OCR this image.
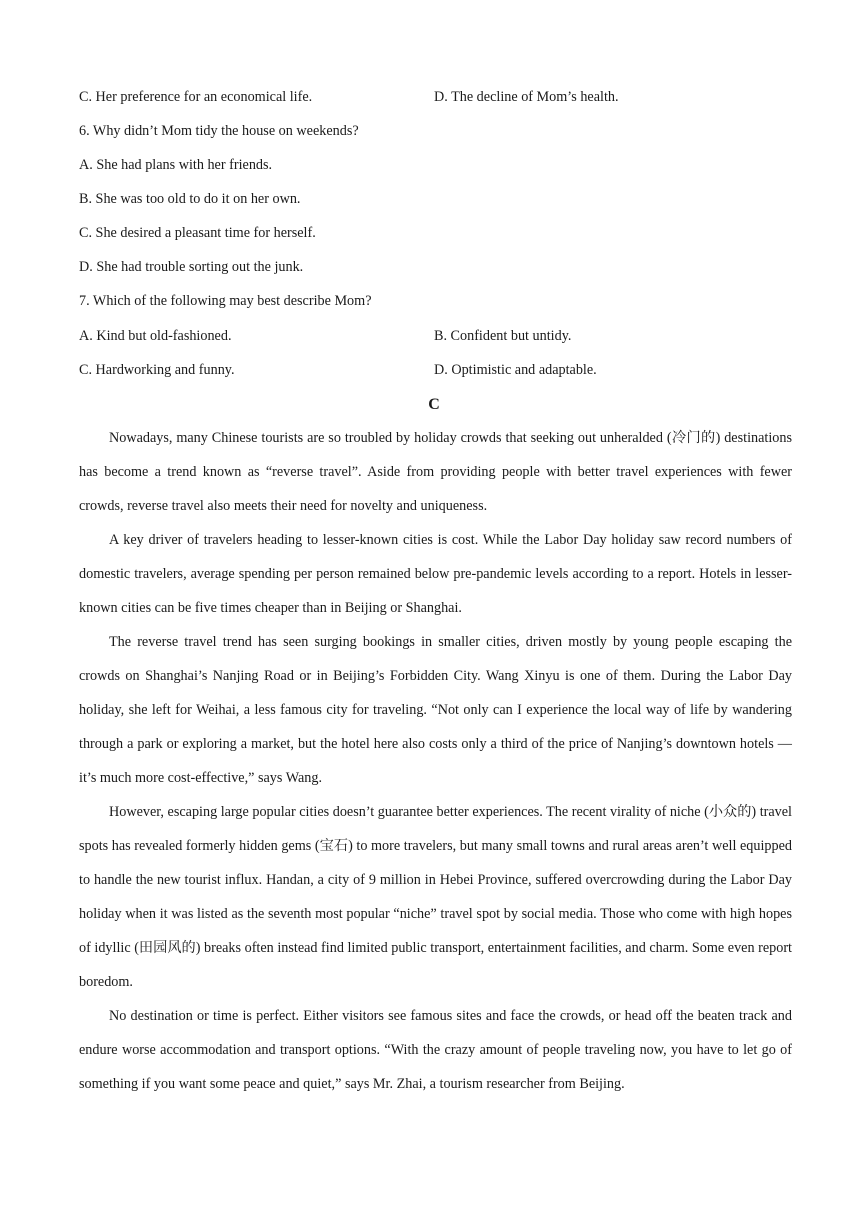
C. Her preference for an economical life.	D. The decline of Mom’s health.
6. Why didn’t Mom tidy the house on weekends?
A. She had plans with her friends.
B. She was too old to do it on her own.
C. She desired a pleasant time for herself.
D. She had trouble sorting out the junk.
7. Which of the following may best describe Mom?
A. Kind but old-fashioned.	B. Confident but untidy.
C. Hardworking and funny.	D. Optimistic and adaptable.
C

Nowadays, many Chinese tourists are so troubled by holiday crowds that seeking out unheralded (冷门的) destinations has become a trend known as “reverse travel”. Aside from providing people with better travel experiences with fewer crowds, reverse travel also meets their need for novelty and uniqueness.

A key driver of travelers heading to lesser-known cities is cost. While the Labor Day holiday saw record numbers of domestic travelers, average spending per person remained below pre-pandemic levels according to a report. Hotels in lesser-known cities can be five times cheaper than in Beijing or Shanghai.

The reverse travel trend has seen surging bookings in smaller cities, driven mostly by young people escaping the crowds on Shanghai’s Nanjing Road or in Beijing’s Forbidden City. Wang Xinyu is one of them. During the Labor Day holiday, she left for Weihai, a less famous city for traveling. “Not only can I experience the local way of life by wandering through a park or exploring a market, but the hotel here also costs only a third of the price of Nanjing’s downtown hotels — it’s much more cost-effective,” says Wang.

However, escaping large popular cities doesn’t guarantee better experiences. The recent virality of niche (小众的) travel spots has revealed formerly hidden gems (宝石) to more travelers, but many small towns and rural areas aren’t well equipped to handle the new tourist influx. Handan, a city of 9 million in Hebei Province, suffered overcrowding during the Labor Day holiday when it was listed as the seventh most popular “niche” travel spot by social media. Those who come with high hopes of idyllic (田园风的) breaks often instead find limited public transport, entertainment facilities, and charm. Some even report boredom.

No destination or time is perfect. Either visitors see famous sites and face the crowds, or head off the beaten track and endure worse accommodation and transport options. “With the crazy amount of people traveling now, you have to let go of something if you want some peace and quiet,” says Mr. Zhai, a tourism researcher from Beijing.
